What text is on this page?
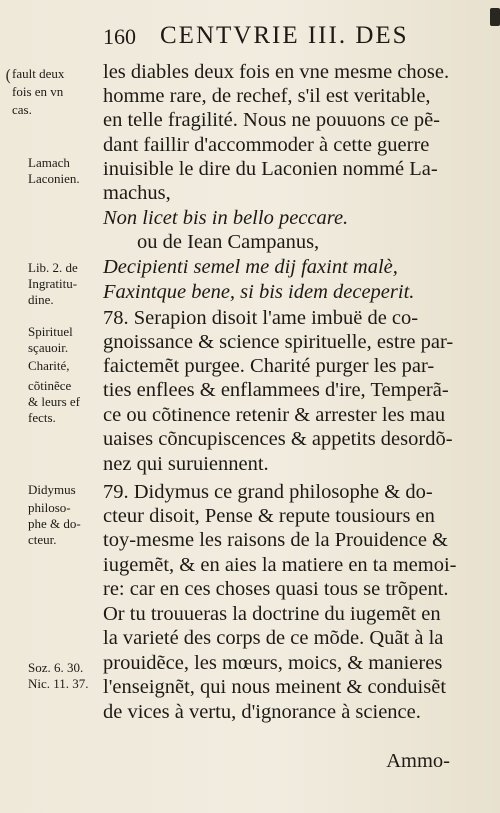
(
160 CENTVRIE III. DES
fault deux
fois en vn
cas.
Lamach
Laconien.
Lib. 2. de
Ingratitu-
dine.
Spirituel
sçauoir.
Charité,
cõtinẽce
& leurs ef
fects.
Didymus
philoso-
phe & do-
cteur.
Soz. 6. 30.
Nic. 11. 37.
les diables deux fois en vne mesme chose.
homme rare, de rechef, s'il est veritable,
en telle fragilité. Nous ne pouuons ce pẽ-
dant faillir d'accommoder à cette guerre
inuisible le dire du Laconien nommé La-
machus,
Non licet bis in bello peccare.
ou de Iean Campanus,
Decipienti semel me dij faxint malè,
Faxintque bene, si bis idem deceperit.
78. Serapion disoit l'ame imbuë de co-
gnoissance & science spirituelle, estre par-
faictemẽt purgee. Charité purger les par-
ties enflees & enflammees d'ire, Temperã-
ce ou cõtinence retenir & arrester les mau
uaises cõncupiscences & appetits desordõ-
nez qui suruiennent.
79. Didymus ce grand philosophe & do-
cteur disoit, Pense & repute tousiours en
toy-mesme les raisons de la Prouidence &
iugemẽt, & en aies la matiere en ta memoi-
re: car en ces choses quasi tous se trõpent.
Or tu trouueras la doctrine du iugemẽt en
la varieté des corps de ce mõde. Quãt à la
prouidẽce, les mœurs, moics, & manieres
l'enseignẽt, qui nous meinent & conduisẽt
de vices à vertu, d'ignorance à science.
Ammo-
